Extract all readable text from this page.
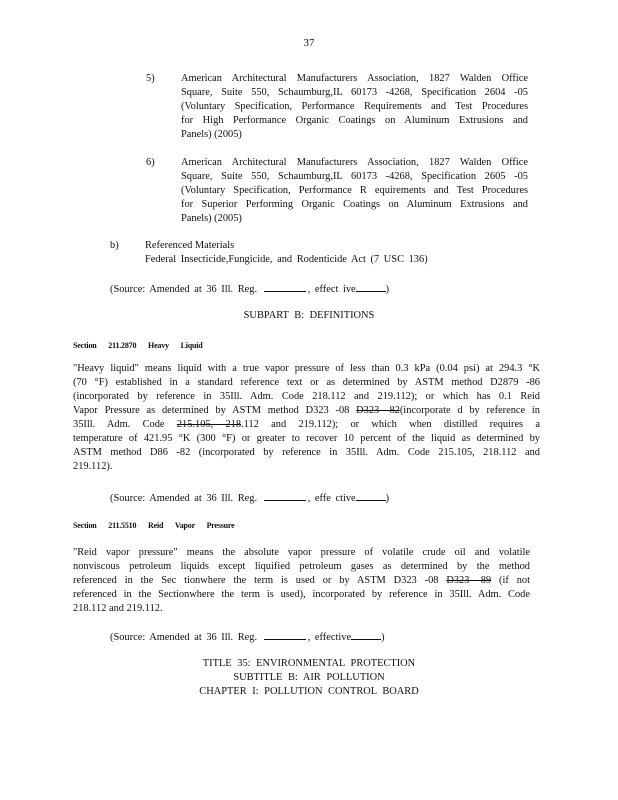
37
5)	American Architectural Manufacturers Association, 1827 Walden Office
Square, Suite 550, Schaumburg,IL 60173 -4268, Specification 2604 -05
(Voluntary Specification, Performance Requirements and Test Procedures
for High Performance Organic Coatings on Aluminum Extrusions and
Panels) (2005)
6)	American Architectural Manufacturers Association, 1827 Walden Office
Square, Suite 550, Schaumburg,IL 60173 -4268, Specification 2605 -05
(Voluntary Specification, Performance R equirements and Test Procedures
for Superior Performing Organic Coatings on Aluminum Extrusions and
Panels) (2005)
b)	Referenced Materials
Federal Insecticide,Fungicide, and Rodenticide Act (7 USC 136)
(Source: Amended at 36 Ill. Reg.	, effect ive	)
SUBPART B: DEFINITIONS
Section 211.2870 Heavy Liquid
"Heavy liquid" means liquid with a true vapor pressure of less than 0.3 kPa (0.04 psi) at 294.3 °K
(70 °F) established in a standard reference text or as determined by ASTM method D2879 -86
(incorporated by reference in 35Ill. Adm. Code 218.112 and 219.112); or which has 0.1 Reid
Vapor Pressure as determined by ASTM method D323 -08 D323 -82(incorporate d by reference in
35Ill. Adm. Code 215.105, 218.112 and 219.112); or which when distilled requires a
temperature of 421.95 °K (300 °F) or greater to recover 10 percent of the liquid as determined by
ASTM method D86 -82 (incorporated by reference in 35Ill. Adm. Code 215.105, 218.112 and
219.112).
(Source: Amended at 36 Ill. Reg.	, effe ctive	)
Section 211.5510 Reid Vapor Pressure
"Reid vapor pressure" means the absolute vapor pressure of volatile crude oil and volatile
nonviscous petroleum liquids except liquified petroleum gases as determined by the method
referenced in the Sec tionwhere the term is used or by ASTM D323 -08 D323 -89 (if not
referenced in the Sectionwhere the term is used), incorporated by reference in 35Ill. Adm. Code
218.112 and 219.112.
(Source: Amended at 36 Ill. Reg.	, effective	)
TITLE 35: ENVIRONMENTAL PROTECTION
SUBTITLE B: AIR POLLUTION
CHAPTER I: POLLUTION CONTROL BOARD
